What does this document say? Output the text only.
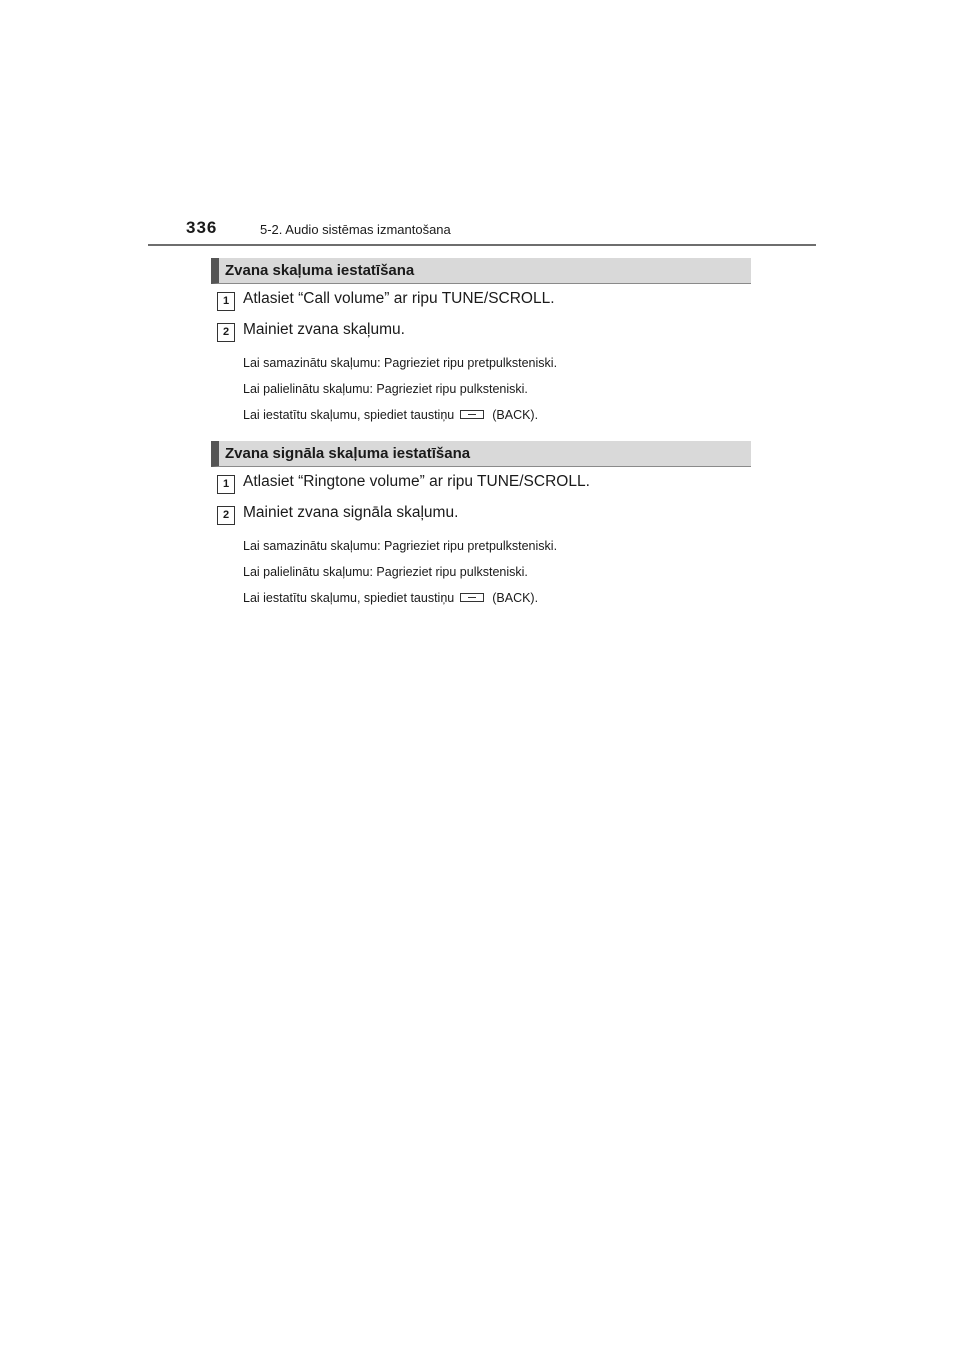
336	5-2. Audio sistēmas izmantošana
Zvana skaļuma iestatīšana
1 Atlasiet “Call volume” ar ripu TUNE/SCROLL.
2 Mainiet zvana skaļumu.
Lai samazinātu skaļumu: Pagrieziet ripu pretpulksteniski.
Lai palielinātu skaļumu: Pagrieziet ripu pulksteniski.
Lai iestatītu skaļumu, spiediet taustiņu	(BACK).
Zvana signāla skaļuma iestatīšana
1 Atlasiet “Ringtone volume” ar ripu TUNE/SCROLL.
2 Mainiet zvana signāla skaļumu.
Lai samazinātu skaļumu: Pagrieziet ripu pretpulksteniski.
Lai palielinātu skaļumu: Pagrieziet ripu pulksteniski.
Lai iestatītu skaļumu, spiediet taustiņu	(BACK).
